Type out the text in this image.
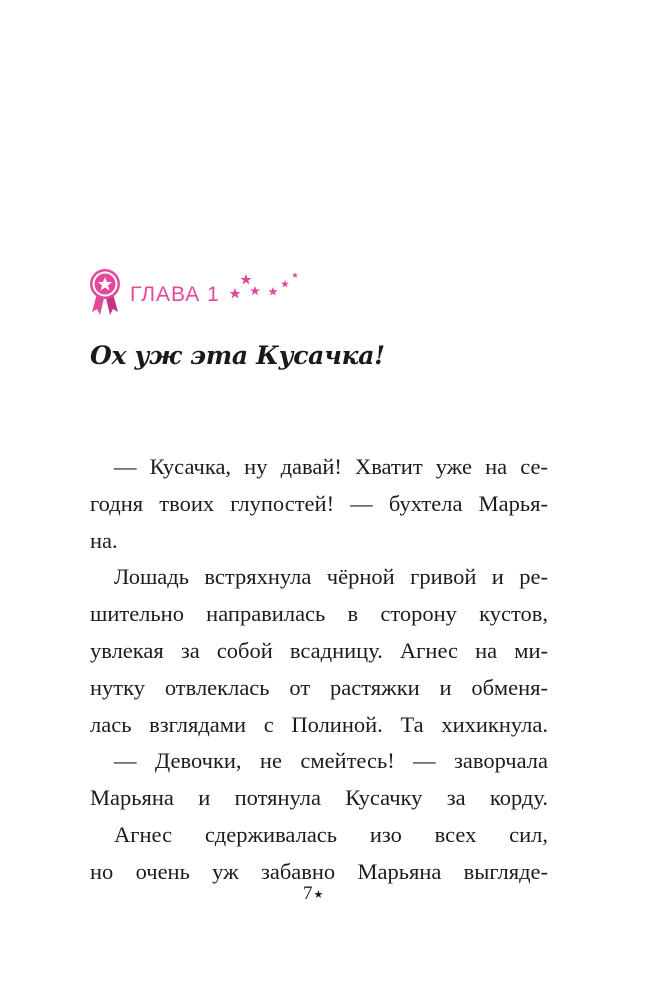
ГЛАВА 1
Ох уж эта Кусачка!
— Кусачка, ну давай! Хватит уже на се-
годня твоих глупостей! — бухтела Марья-
на.
Лошадь встряхнула чёрной гривой и ре-
шительно направилась в сторону кустов,
увлекая за собой всадницу. Агнес на ми-
нутку отвлеклась от растяжки и обменя-
лась взглядами с Полиной. Та хихикнула.
— Девочки, не смейтесь! — заворчала
Марьяна и потянула Кусачку за корду.
Агнес сдерживалась изо всех сил,
но очень уж забавно Марьяна выгляде-
7★
